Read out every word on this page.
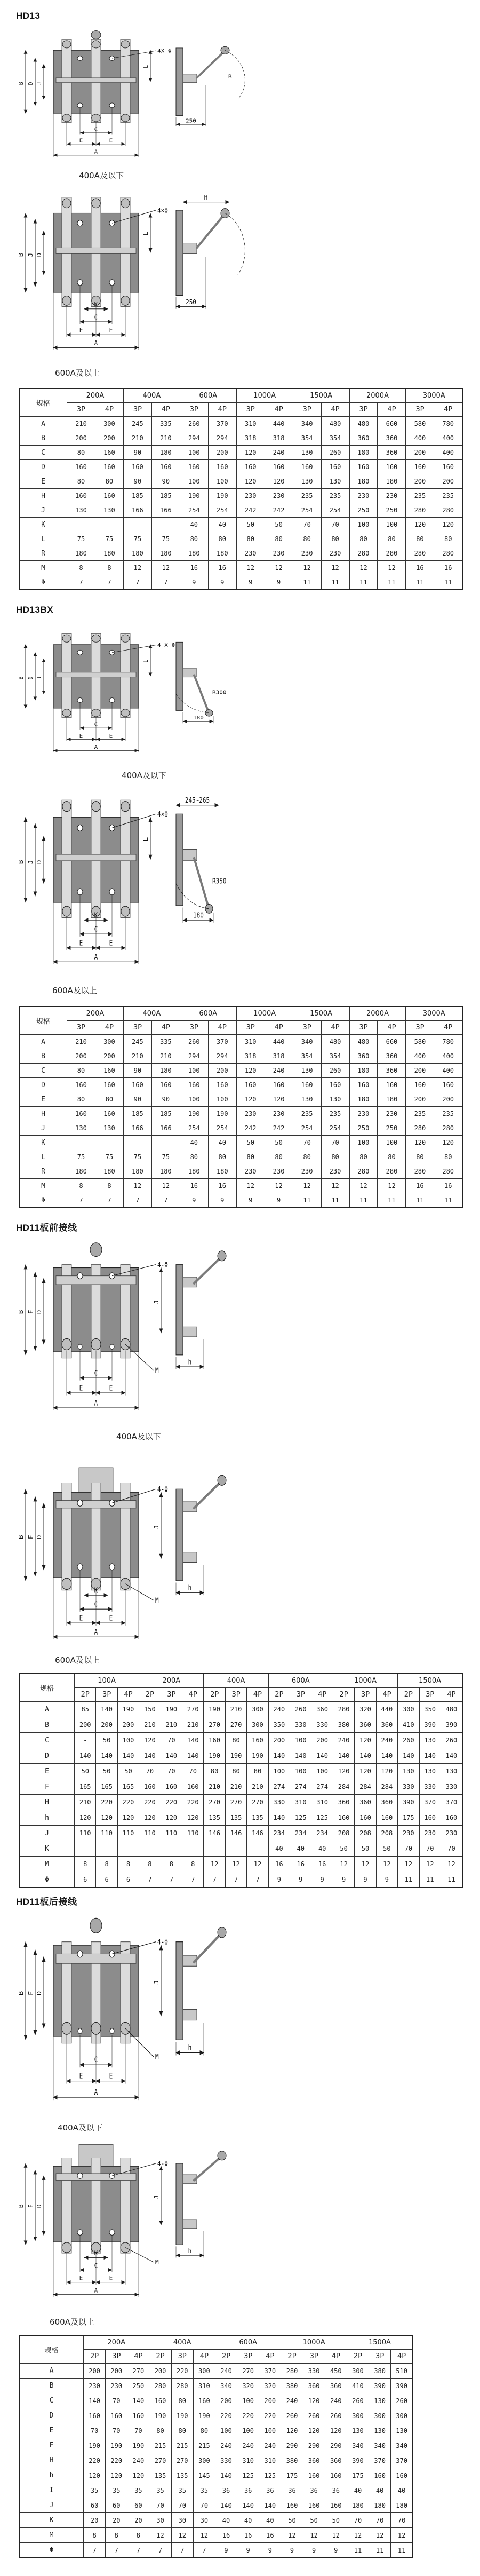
HD13
B D J
L
C
E	E
A
4X Φ
R
250
400A及以下
B J D
L
K
C
E	E
A
4×Φ
H
250
600A及以上
规格	200A		400A		600A		1000A		1500A		2000A		3000A	
	3P	4P	3P	4P	3P	4P	3P	4P	3P	4P	3P	4P	3P	4P
A	210	300	245	335	260	370	310	440	340	480	480	660	580	780
B	200	200	210	210	294	294	318	318	354	354	360	360	400	400
C	80	160	90	180	100	200	120	240	130	260	180	360	200	400
D	160	160	160	160	160	160	160	160	160	160	160	160	160	160
E	80	80	90	90	100	100	120	120	130	130	180	180	200	200
H	160	160	185	185	190	190	230	230	235	235	230	230	235	235
J	130	130	166	166	254	254	242	242	254	254	250	250	280	280
K	-	-	-	-	40	40	50	50	70	70	100	100	120	120
L	75	75	75	75	80	80	80	80	80	80	80	80	80	80
R	180	180	180	180	180	180	230	230	230	230	280	280	280	280
M	8	8	12	12	16	16	12	12	12	12	12	12	16	16
Φ	7	7	7	7	9	9	9	9	11	11	11	11	11	11
HD13BX
B D J
L
C
E	E
A
4 X Φ
R300
180
400A及以下
B J D
L
K
C
E	E
A
4×Φ
245~265
R350
180
600A及以上
规格	200A		400A		600A		1000A		1500A		2000A		3000A	
	3P	4P	3P	4P	3P	4P	3P	4P	3P	4P	3P	4P	3P	4P
A	210	300	245	335	260	370	310	440	340	480	480	660	580	780
B	200	200	210	210	294	294	318	318	354	354	360	360	400	400
C	80	160	90	180	100	200	120	240	130	260	180	360	200	400
D	160	160	160	160	160	160	160	160	160	160	160	160	160	160
E	80	80	90	90	100	100	120	120	130	130	180	180	200	200
H	160	160	185	185	190	190	230	230	235	235	230	230	235	235
J	130	130	166	166	254	254	242	242	254	254	250	250	280	280
K	-	-	-	-	40	40	50	50	70	70	100	100	120	120
L	75	75	75	75	80	80	80	80	80	80	80	80	80	80
R	180	180	180	180	180	180	230	230	230	230	280	280	280	280
M	8	8	12	12	16	16	12	12	12	12	12	12	16	16
Φ	7	7	7	7	9	9	9	9	11	11	11	11	11	11
HD11板前接线
B F D
C
E	E
A
4-Φ
M
J
h
400A及以下
B F D
K
C
E	E
A
4-Φ
M
J
h
600A及以上
规格	100A			200A			400A			600A			1000A			1500A		
	2P	3P	4P	2P	3P	4P	2P	3P	4P	2P	3P	4P	2P	3P	4P	2P	3P	4P
A	85	140	190	150	190	270	190	210	300	240	260	360	280	320	440	300	350	480
B	200	200	200	210	210	210	270	270	300	350	330	330	380	360	360	410	390	390
C	-	50	100	120	70	140	160	80	160	200	100	200	240	120	240	260	130	260
D	140	140	140	140	140	140	190	190	190	140	140	140	140	140	140	140	140	140
E	50	50	50	70	70	70	80	80	80	100	100	100	120	120	120	130	130	130
F	165	165	165	160	160	160	210	210	210	274	274	274	284	284	284	330	330	330
H	210	220	220	220	220	220	270	270	270	330	310	310	360	360	360	390	370	370
h	120	120	120	120	120	120	135	135	135	140	125	125	160	160	160	175	160	160
J	110	110	110	110	110	110	146	146	146	234	234	234	208	208	208	230	230	230
K	-	-	-	-	-	-	-	-	-	40	40	40	50	50	50	70	70	70
M	8	8	8	8	8	8	12	12	12	16	16	16	12	12	12	12	12	12
Φ	6	6	6	7	7	7	7	7	7	9	9	9	9	9	9	11	11	11
HD11板后接线
B F D
C
E	E
A
4-Φ
M
J
h
400A及以下
B F D
K
C
E	E
A
4-Φ
M
J
h
600A及以上
规格	200A			400A			600A			1000A			1500A		
	2P	3P	4P	2P	3P	4P	2P	3P	4P	2P	3P	4P	2P	3P	4P
A	200	200	270	200	220	300	240	270	370	280	330	450	300	380	510
B	230	230	250	280	280	310	340	320	320	380	360	360	410	390	390
C	140	70	140	160	80	160	200	100	200	240	120	240	260	130	260
D	160	160	160	190	190	190	220	220	220	260	260	260	300	300	300
E	70	70	70	80	80	80	100	100	100	120	120	120	130	130	130
F	190	190	190	215	215	215	240	240	240	290	290	290	340	340	340
H	220	220	240	270	270	300	330	310	310	380	360	360	390	370	370
h	120	120	120	135	135	145	140	125	125	175	160	160	175	160	160
I	35	35	35	35	35	35	36	36	36	36	36	36	40	40	40
J	60	60	60	70	70	70	140	140	140	160	160	160	180	180	180
K	20	20	20	30	30	30	40	40	40	50	50	50	70	70	70
M	8	8	8	12	12	12	16	16	16	12	12	12	12	12	12
Φ	7	7	7	7	7	7	9	9	9	9	9	9	11	11	11
